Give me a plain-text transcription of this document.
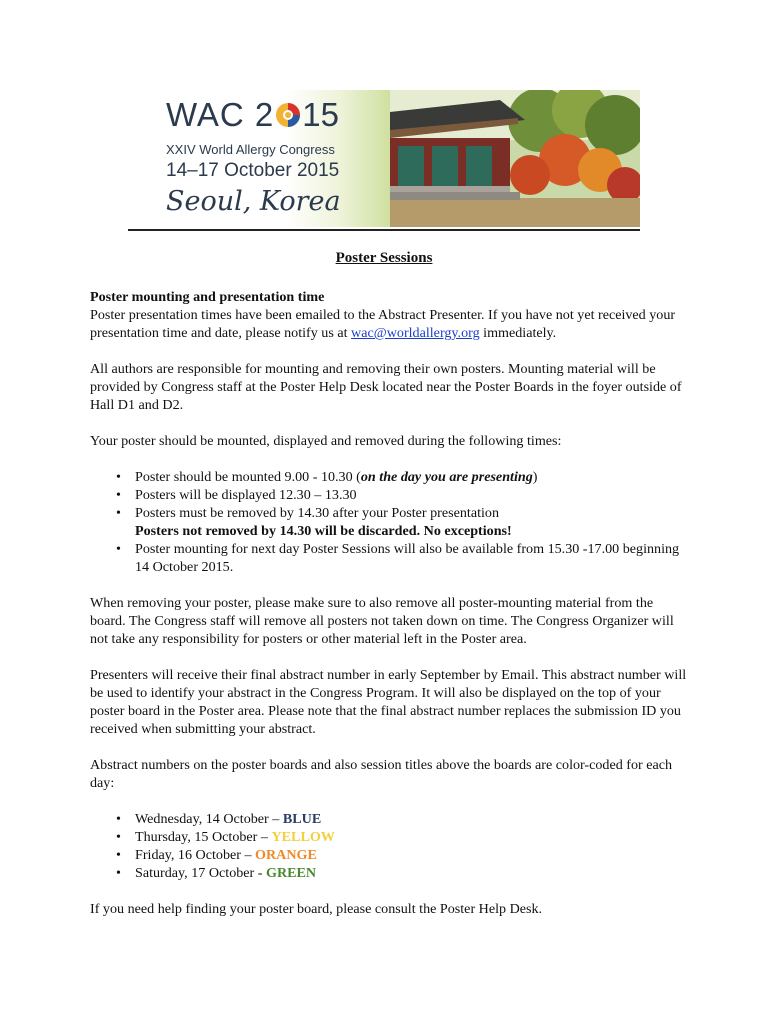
WAC 2 15
XXIV World Allergy Congress
14–17 October 2015
Seoul, Korea
Poster Sessions

Poster mounting and presentation time
Poster presentation times have been emailed to the Abstract Presenter. If you have not yet received your presentation time and date, please notify us at wac@worldallergy.org immediately.

All authors are responsible for mounting and removing their own posters. Mounting material will be provided by Congress staff at the Poster Help Desk located near the Poster Boards in the foyer outside of Hall D1 and D2.

Your poster should be mounted, displayed and removed during the following times:

• Poster should be mounted 9.00 - 10.30 (on the day you are presenting)
• Posters will be displayed 12.30 – 13.30
• Posters must be removed by 14.30 after your Poster presentation
Posters not removed by 14.30 will be discarded. No exceptions!
• Poster mounting for next day Poster Sessions will also be available from 15.30 -17.00 beginning 14 October 2015.

When removing your poster, please make sure to also remove all poster-mounting material from the board. The Congress staff will remove all posters not taken down on time. The Congress Organizer will not take any responsibility for posters or other material left in the Poster area.

Presenters will receive their final abstract number in early September by Email. This abstract number will be used to identify your abstract in the Congress Program. It will also be displayed on the top of your poster board in the Poster area. Please note that the final abstract number replaces the submission ID you received when submitting your abstract.

Abstract numbers on the poster boards and also session titles above the boards are color-coded for each day:

• Wednesday, 14 October – BLUE
• Thursday, 15 October – YELLOW
• Friday, 16 October – ORANGE
• Saturday, 17 October - GREEN

If you need help finding your poster board, please consult the Poster Help Desk.
